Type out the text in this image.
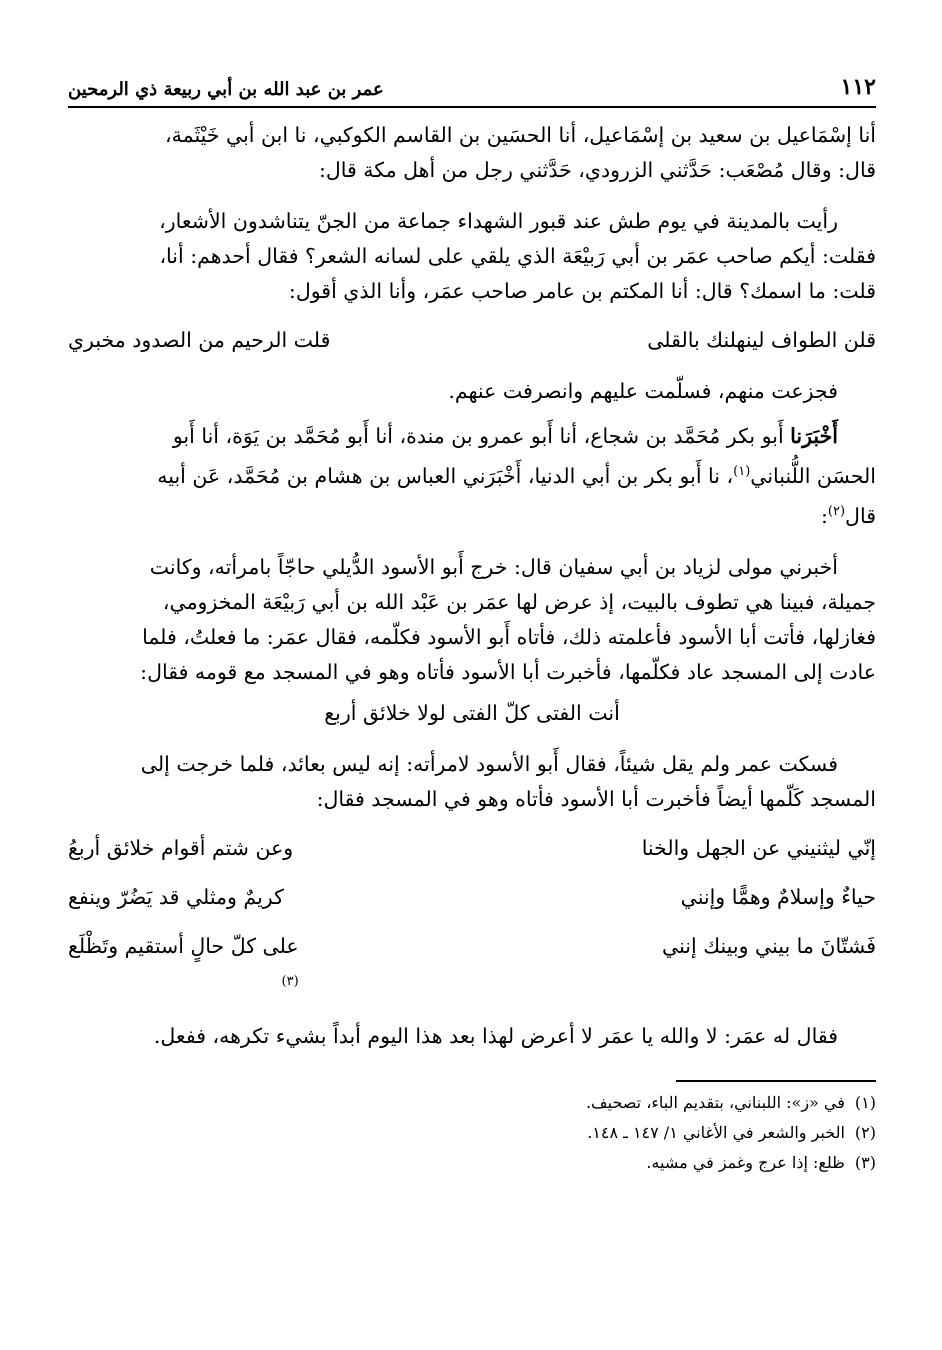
١١٢
عمر بن عبد الله بن أبي ربيعة ذي الرمحين
أنا إسْمَاعيل بن سعيد بن إسْمَاعيل، أنا الحسَين بن القاسم الكوكبي، نا ابن أبي خَيْثَمة،
قال: وقال مُصْعَب: حَدَّثني الزرودي، حَدَّثني رجل من أهل مكة قال:
رأيت بالمدينة في يوم طش عند قبور الشهداء جماعة من الجنّ يتناشدون الأشعار،
فقلت: أيكم صاحب عمَر بن أبي رَبيْعَة الذي يلقي على لسانه الشعر؟ فقال أحدهم: أنا،
قلت: ما اسمك؟ قال: أنا المكتم بن عامر صاحب عمَر، وأنا الذي أقول:
قلن الطواف لينهلنك بالقلى
قلت الرحيم من الصدود مخبري
فجزعت منهم، فسلّمت عليهم وانصرفت عنهم.
أَخْبَرَنا أَبو بكر مُحَمَّد بن شجاع، أنا أَبو عمرو بن مندة، أنا أَبو مُحَمَّد بن يَوَة، أنا أَبو
الحسَن اللُّنباني$^{(١)}$، نا أَبو بكر بن أبي الدنيا، أَخْبَرَني العباس بن هشام بن مُحَمَّد، عَن أبيه
قال$^{(٢)}$:
أخبرني مولى لزياد بن أبي سفيان قال: خرج أَبو الأسود الدُّيلي حاجّاً بامرأته، وكانت
جميلة، فبينا هي تطوف بالبيت، إذ عرض لها عمَر بن عَبْد الله بن أبي رَبيْعَة المخزومي،
فغازلها، فأتت أبا الأسود فأعلمته ذلك، فأتاه أَبو الأسود فكلّمه، فقال عمَر: ما فعلتُ، فلما
عادت إلى المسجد عاد فكلّمها، فأخبرت أبا الأسود فأتاه وهو في المسجد مع قومه فقال:
أنت الفتى كلّ الفتى لولا خلائق أربع
فسكت عمر ولم يقل شيئاً، فقال أَبو الأسود لامرأته: إنه ليس بعائد، فلما خرجت إلى
المسجد كَلّمها أيضاً فأخبرت أبا الأسود فأتاه وهو في المسجد فقال:
إنّي ليثنيني عن الجهل والخنا
وعن شتم أقوام خلائق أربعُ
حياءٌ وإسلامٌ وهمًّا وإنني
كريمٌ ومثلي قد يَضُرّ وينفع
فَشتّانَ ما بيني وبينك إنني
على كلّ حالٍ أستقيم وتَظْلَع
$^{(٣)}$
فقال له عمَر: لا والله يا عمَر لا أعرض لهذا بعد هذا اليوم أبداً بشيء تكرهه، ففعل.
(١)
في «ز»: اللبناني، بتقديم الباء، تصحيف.
(٢)
الخبر والشعر في الأغاني ١/ ١٤٧ ـ ١٤٨.
(٣)
ظلع: إذا عرج وغمز في مشيه.
